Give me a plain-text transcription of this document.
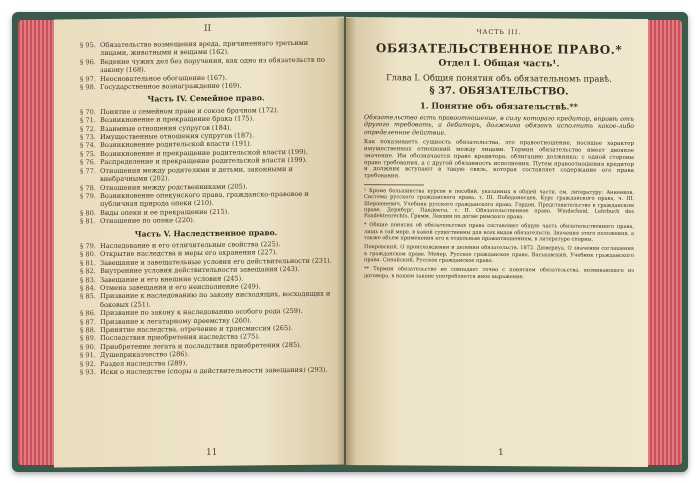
II
§ 95. Обязательство возмещения вреда, причиненнаго третьими лицами, животными и вещами (162).
§ 96. Ведение чужих дел без поручения, как одно из обязательств по закону (168).
§ 97. Неосновательное обогащение (167).
§ 98. Государственное вознаграждение (169).
Часть IV. Семейное право.
§ 70. Понятие о семейном праве и союзе брачном (172).
§ 71. Возникновение и прекращение брака (175).
§ 72. Взаимные отношения супругов (184).
§ 73. Имущественные отношения супругов (187).
§ 74. Возникновение родительской власти (191).
§ 75. Возникновение и прекращение родительской власти (199).
§ 76. Распределение и прекращение родительской власти (199).
§ 77. Отношения между родителями и детьми, законными и внебрачными (202).
§ 78. Отношения между родственниками (205).
§ 79. Возникновение опекунского права, гражданско-правовое и публичная природа опеки (210).
§ 80. Виды опеки и ее прекращение (215).
§ 81. Отношение по опеке (220).
Часть V. Наследственное право.
§ 79. Наследование и его отличительные свойства (225).
§ 80. Открытие наследства и меры его охранения (227).
§ 81. Завещание и завещательные условия его действительности (231).
§ 82. Внутренние условия действительности завещания (243).
§ 83. Завещание и его внешние условия (245).
§ 84. Отмена завещания и его неисполнение (249).
§ 85. Призвание к наследованию по закону нисходящих, восходящих и боковых (251).
§ 86. Призвание по закону к наследованию особого рода (259).
§ 87. Призвание к легатарному преемству (260).
§ 88. Принятие наследства, отречение и трансмиссия (265).
§ 89. Последствия приобретения наследства (275).
§ 90. Приобретение легата и последствия приобретения (285).
§ 91. Душеприказчество (286).
§ 92. Раздел наследства (289).
§ 93. Иски о наследстве (споры о действительности завещания) (293).
11
ЧАСТЬ III.
ОБЯЗАТЕЛЬСТВЕННОЕ ПРАВО.*
Отдел I. Общая часть¹.
Глава I. Общия понятия объ обязательномъ правѣ.
§ 37. ОБЯЗАТЕЛЬСТВО.
1. Понятие объ обязательствѣ.**
Обязательство есть правоотношение, в силу котораго кредитор, вправѣ отъ другого требовать, а дебиторъ, должника обязанъ исполнить какое-либо определенное действие.
Как показываетъ сущность обязательства, это правоотношение, носящее характер имущественных отношений между лицами. Термин обязательство имеет двоякое значение. Им обозначается право кредитора, облигацию должника; с одной стороны право требования, а с другой обязанность исполнения. Путем правоотношения кредитор и должник вступают в такую связь, которая составляет содержание его права требования.
¹ Кроме большинства курсов и пособий, указанных в общей части, см. литературу: Анненков, Система русского гражданского права, т. III. Победоносцев, Курс гражданского права, ч. III. Шершеневич, Учебник русского гражданского права. Гордон, Представительство в гражданском праве. Дернбург, Пандекты, т. II. Обязательственное право. Windscheid, Lehrbuch des Pandektenrechts. Гримм, Лекции по догме римского права.
* Общие понятия об обязательствах права составляют общую часть обязательственного права, лишь в той мере, в какой существенны для всех видов обязательств. Значения этого положения, а также объем применения его к отдельным правоотношениям, в литературе спорны.
Покровский, О происхождении и делении обязательств. 1872. Дювернуа, О значении соглашения в гражданском праве. Мейер, Русское гражданское право. Васьковский, Учебник гражданского права. Синайский, Русское гражданское право.
** Термин обязательство не совпадает точно с понятием обязательства, возникающего из договора, в нашем законе употребляется иное выражение.
1
